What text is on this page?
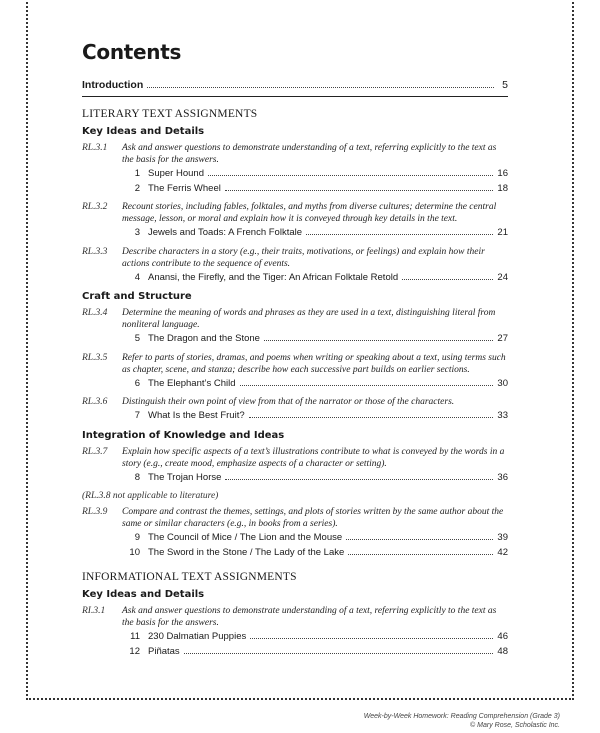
Contents
Introduction	5
LITERARY TEXT ASSIGNMENTS
Key Ideas and Details
RL.3.1	Ask and answer questions to demonstrate understanding of a text, referring explicitly to the text as the basis for the answers.
1 Super Hound	16
2 The Ferris Wheel	18
RL.3.2	Recount stories, including fables, folktales, and myths from diverse cultures; determine the central message, lesson, or moral and explain how it is conveyed through key details in the text.
3 Jewels and Toads: A French Folktale	21
RL.3.3	Describe characters in a story (e.g., their traits, motivations, or feelings) and explain how their actions contribute to the sequence of events.
4 Anansi, the Firefly, and the Tiger: An African Folktale Retold	24
Craft and Structure
RL.3.4	Determine the meaning of words and phrases as they are used in a text, distinguishing literal from nonliteral language.
5 The Dragon and the Stone	27
RL.3.5	Refer to parts of stories, dramas, and poems when writing or speaking about a text, using terms such as chapter, scene, and stanza; describe how each successive part builds on earlier sections.
6 The Elephant’s Child	30
RL.3.6	Distinguish their own point of view from that of the narrator or those of the characters.
7 What Is the Best Fruit?	33
Integration of Knowledge and Ideas
RL.3.7	Explain how specific aspects of a text’s illustrations contribute to what is conveyed by the words in a story (e.g., create mood, emphasize aspects of a character or setting).
8 The Trojan Horse	36
(RL.3.8 not applicable to literature)
RL.3.9	Compare and contrast the themes, settings, and plots of stories written by the same author about the same or similar characters (e.g., in books from a series).
9 The Council of Mice / The Lion and the Mouse	39
10 The Sword in the Stone / The Lady of the Lake	42
INFORMATIONAL TEXT ASSIGNMENTS
Key Ideas and Details
RI.3.1	Ask and answer questions to demonstrate understanding of a text, referring explicitly to the text as the basis for the answers.
11 230 Dalmatian Puppies	46
12 Piñatas	48
Week-by-Week Homework: Reading Comprehension (Grade 3)
© Mary Rose, Scholastic Inc.
